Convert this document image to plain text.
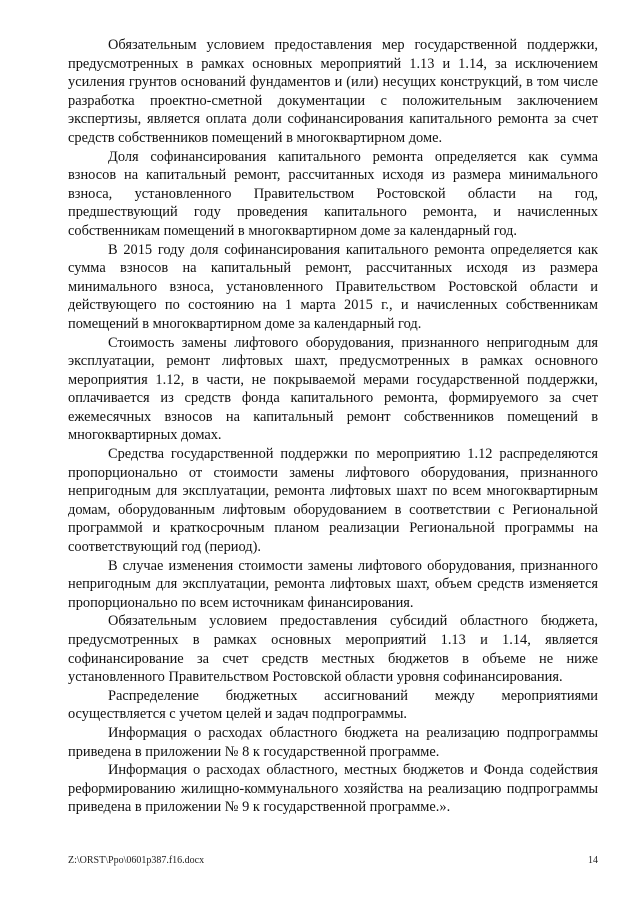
Обязательным условием предоставления мер государственной поддержки, предусмотренных в рамках основных мероприятий 1.13 и 1.14, за исключением усиления грунтов оснований фундаментов и (или) несущих конструкций, в том числе разработка проектно-сметной документации с положительным заключением экспертизы, является оплата доли софинансирования капитального ремонта за счет средств собственников помещений в многоквартирном доме.

Доля софинансирования капитального ремонта определяется как сумма взносов на капитальный ремонт, рассчитанных исходя из размера минимального взноса, установленного Правительством Ростовской области на год, предшествующий году проведения капитального ремонта, и начисленных собственникам помещений в многоквартирном доме за календарный год.

В 2015 году доля софинансирования капитального ремонта определяется как сумма взносов на капитальный ремонт, рассчитанных исходя из размера минимального взноса, установленного Правительством Ростовской области и действующего по состоянию на 1 марта 2015 г., и начисленных собственникам помещений в многоквартирном доме за календарный год.

Стоимость замены лифтового оборудования, признанного непригодным для эксплуатации, ремонт лифтовых шахт, предусмотренных в рамках основного мероприятия 1.12, в части, не покрываемой мерами государственной поддержки, оплачивается из средств фонда капитального ремонта, формируемого за счет ежемесячных взносов на капитальный ремонт собственников помещений в многоквартирных домах.

Средства государственной поддержки по мероприятию 1.12 распределяются пропорционально от стоимости замены лифтового оборудования, признанного непригодным для эксплуатации, ремонта лифтовых шахт по всем многоквартирным домам, оборудованным лифтовым оборудованием в соответствии с Региональной программой и краткосрочным планом реализации Региональной программы на соответствующий год (период).

В случае изменения стоимости замены лифтового оборудования, признанного непригодным для эксплуатации, ремонта лифтовых шахт, объем средств изменяется пропорционально по всем источникам финансирования.

Обязательным условием предоставления субсидий областного бюджета, предусмотренных в рамках основных мероприятий 1.13 и 1.14, является софинансирование за счет средств местных бюджетов в объеме не ниже установленного Правительством Ростовской области уровня софинансирования.

Распределение бюджетных ассигнований между мероприятиями осуществляется с учетом целей и задач подпрограммы.

Информация о расходах областного бюджета на реализацию подпрограммы приведена в приложении № 8 к государственной программе.

Информация о расходах областного, местных бюджетов и Фонда содействия реформированию жилищно-коммунального хозяйства на реализацию подпрограммы приведена в приложении № 9 к государственной программе.».

Z:\ORST\Ppo\0601p387.f16.docx	14
